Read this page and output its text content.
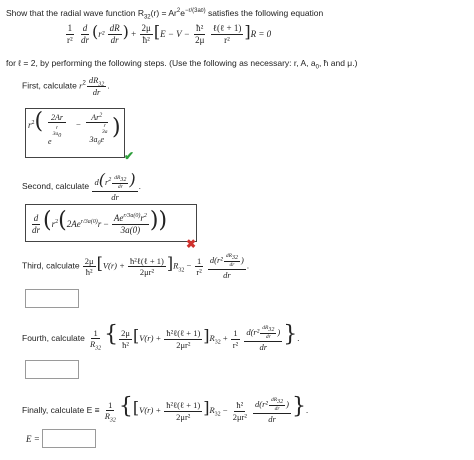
Show that the radial wave function $R_{32}(r) = Ar^2e^{-r/(3a0)}$ satisfies the following equation
$\frac{1}{\text{r²}}$
$\frac{d}{dr} (r^2 \frac{dR}{dr}$ ) + $\frac{2\mu}{\text{ħ²}} [E - V - \frac{\text{ħ²}}{2\mu}$
$\frac{\text{ℓ(ℓ + 1)}}{\text{r²}} ]R = 0$
for ℓ = 2, by performing the following steps. (Use the following as necessary: r, A, $a_0$, ħ and μ.)
First, calculate $r^2 \frac{dR_{32}}{dr}$ .
$r^2$( 2Ar
r
$3a_0$
e
−
$Ar^2$
r
3a
$3a_0e$ )
✔
Second, calculate $\frac{d(r^2 \frac{dR_{32}}{dr} )}{dr}$ .
$\frac{d}{dr} (r^2(2Ae^{r/3a(0)}r - \frac{Ae^{r/3a(0)}r^2}{3a(0)}$ ))
✖
Third, calculate $\frac{2\mu}{\text{ħ²}} [V(r) + \frac{\text{ħ²ℓ(ℓ + 1)}}{\text{2μr²}} ]R_{32} - \frac{1}{\text{r²}}$
$\frac{d(r^2 \frac{dR_{32}}{dr} )}{dr}$ .
Fourth, calculate $\frac{1}{R_{32}}$ { $\frac{2\mu}{\text{ħ²}} [V(r) + \frac{\text{ħ²ℓ(ℓ + 1)}}{\text{2μr²}} ]R_{32} + \frac{1}{\text{r²}}$
$\frac{d(r^2 \frac{dR_{32}}{dr} )}{dr}$ }.
Finally, calculate $E \equiv \frac{1}{R_{32}} \{[V(r) + \frac{\text{ħ²ℓ(ℓ + 1)}}{\text{2μr²}} ]R_{32} - \frac{\text{ħ²}}{\text{2μr²}}$
$\frac{d(r^2 \frac{dR_{32}}{dr} )}{dr}$ }.
E =
